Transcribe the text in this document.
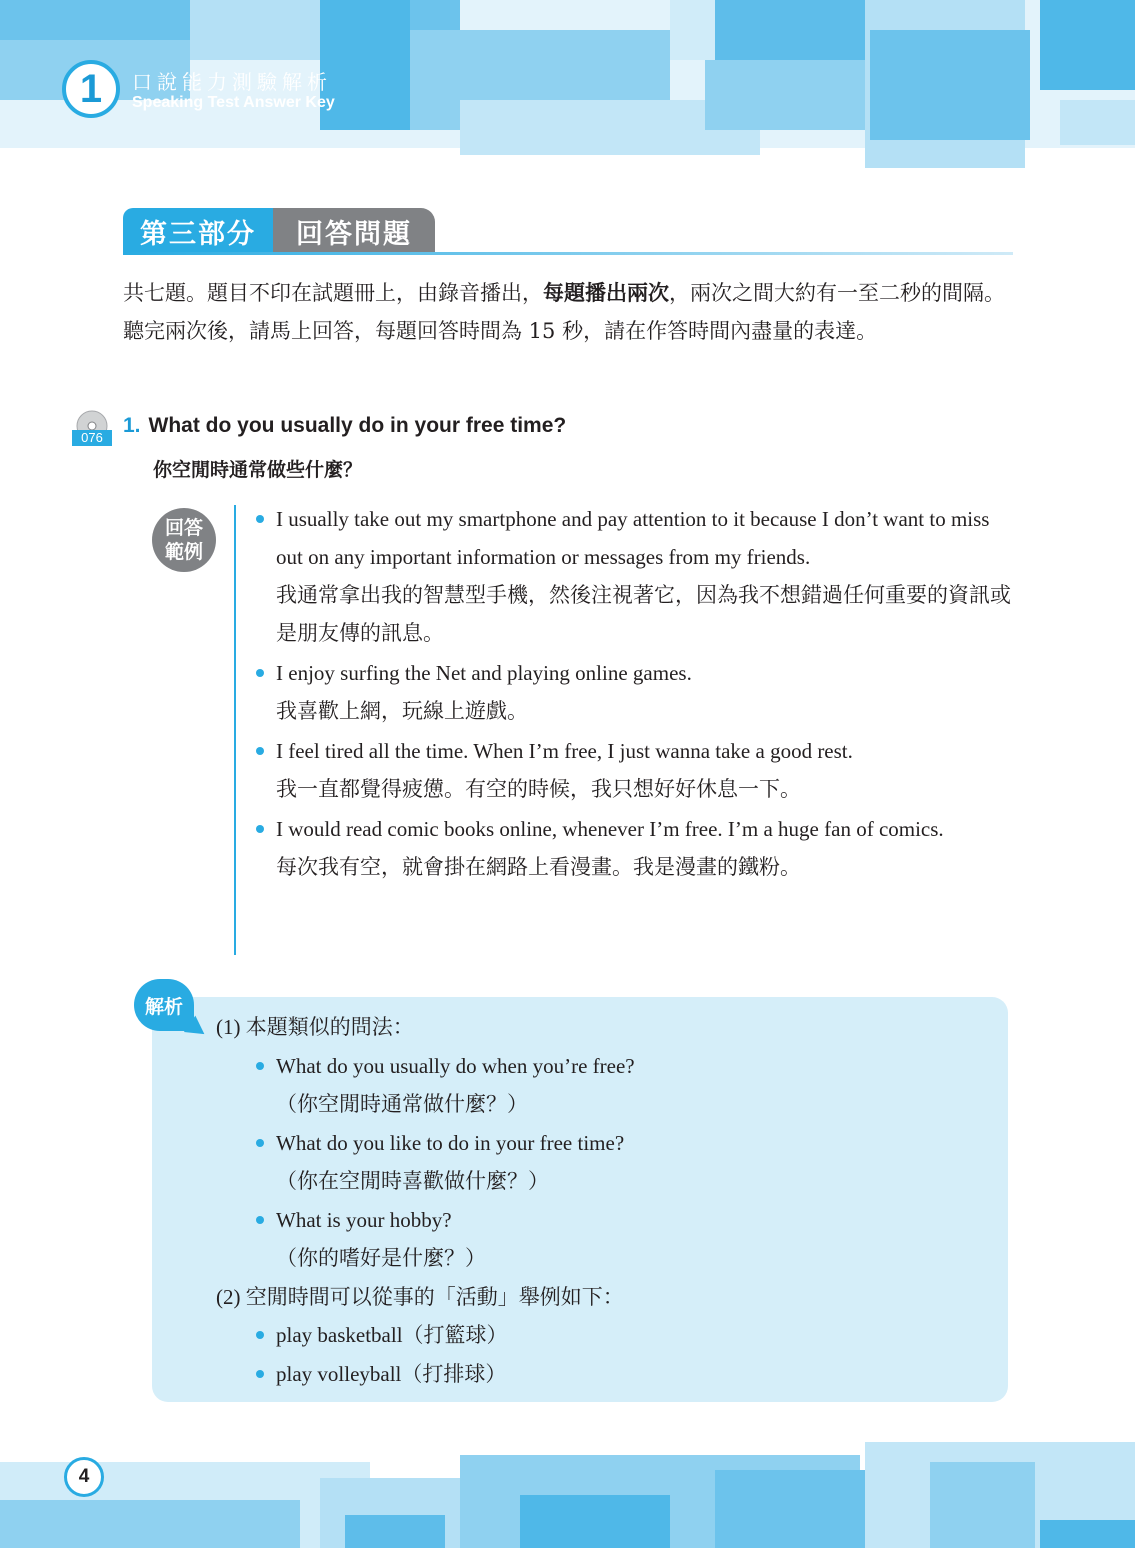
1 口說能力測驗解析
Speaking Test Answer Key
第三部分	回答問題
共七題。題目不印在試題冊上，由錄音播出，每題播出兩次，兩次之間大約有一至二秒的間隔。聽完兩次後，請馬上回答，每題回答時間為 15 秒，請在作答時間內盡量的表達。
076
1. What do you usually do in your free time?
你空閒時通常做些什麼？
回答
範例
I usually take out my smartphone and pay attention to it because I don’t want to miss out on any important information or messages from my friends.
我通常拿出我的智慧型手機，然後注視著它，因為我不想錯過任何重要的資訊或是朋友傳的訊息。
I enjoy surfing the Net and playing online games.
我喜歡上網，玩線上遊戲。
I feel tired all the time. When I’m free, I just wanna take a good rest.
我一直都覺得疲憊。有空的時候，我只想好好休息一下。
I would read comic books online, whenever I’m free. I’m a huge fan of comics.
每次我有空，就會掛在網路上看漫畫。我是漫畫的鐵粉。
解析
(1) 本題類似的問法：
What do you usually do when you’re free?
（你空閒時通常做什麼？）
What do you like to do in your free time?
（你在空閒時喜歡做什麼？）
What is your hobby?
（你的嗜好是什麼？）
(2) 空閒時間可以從事的「活動」舉例如下：
play basketball（打籃球）
play volleyball（打排球）
4
